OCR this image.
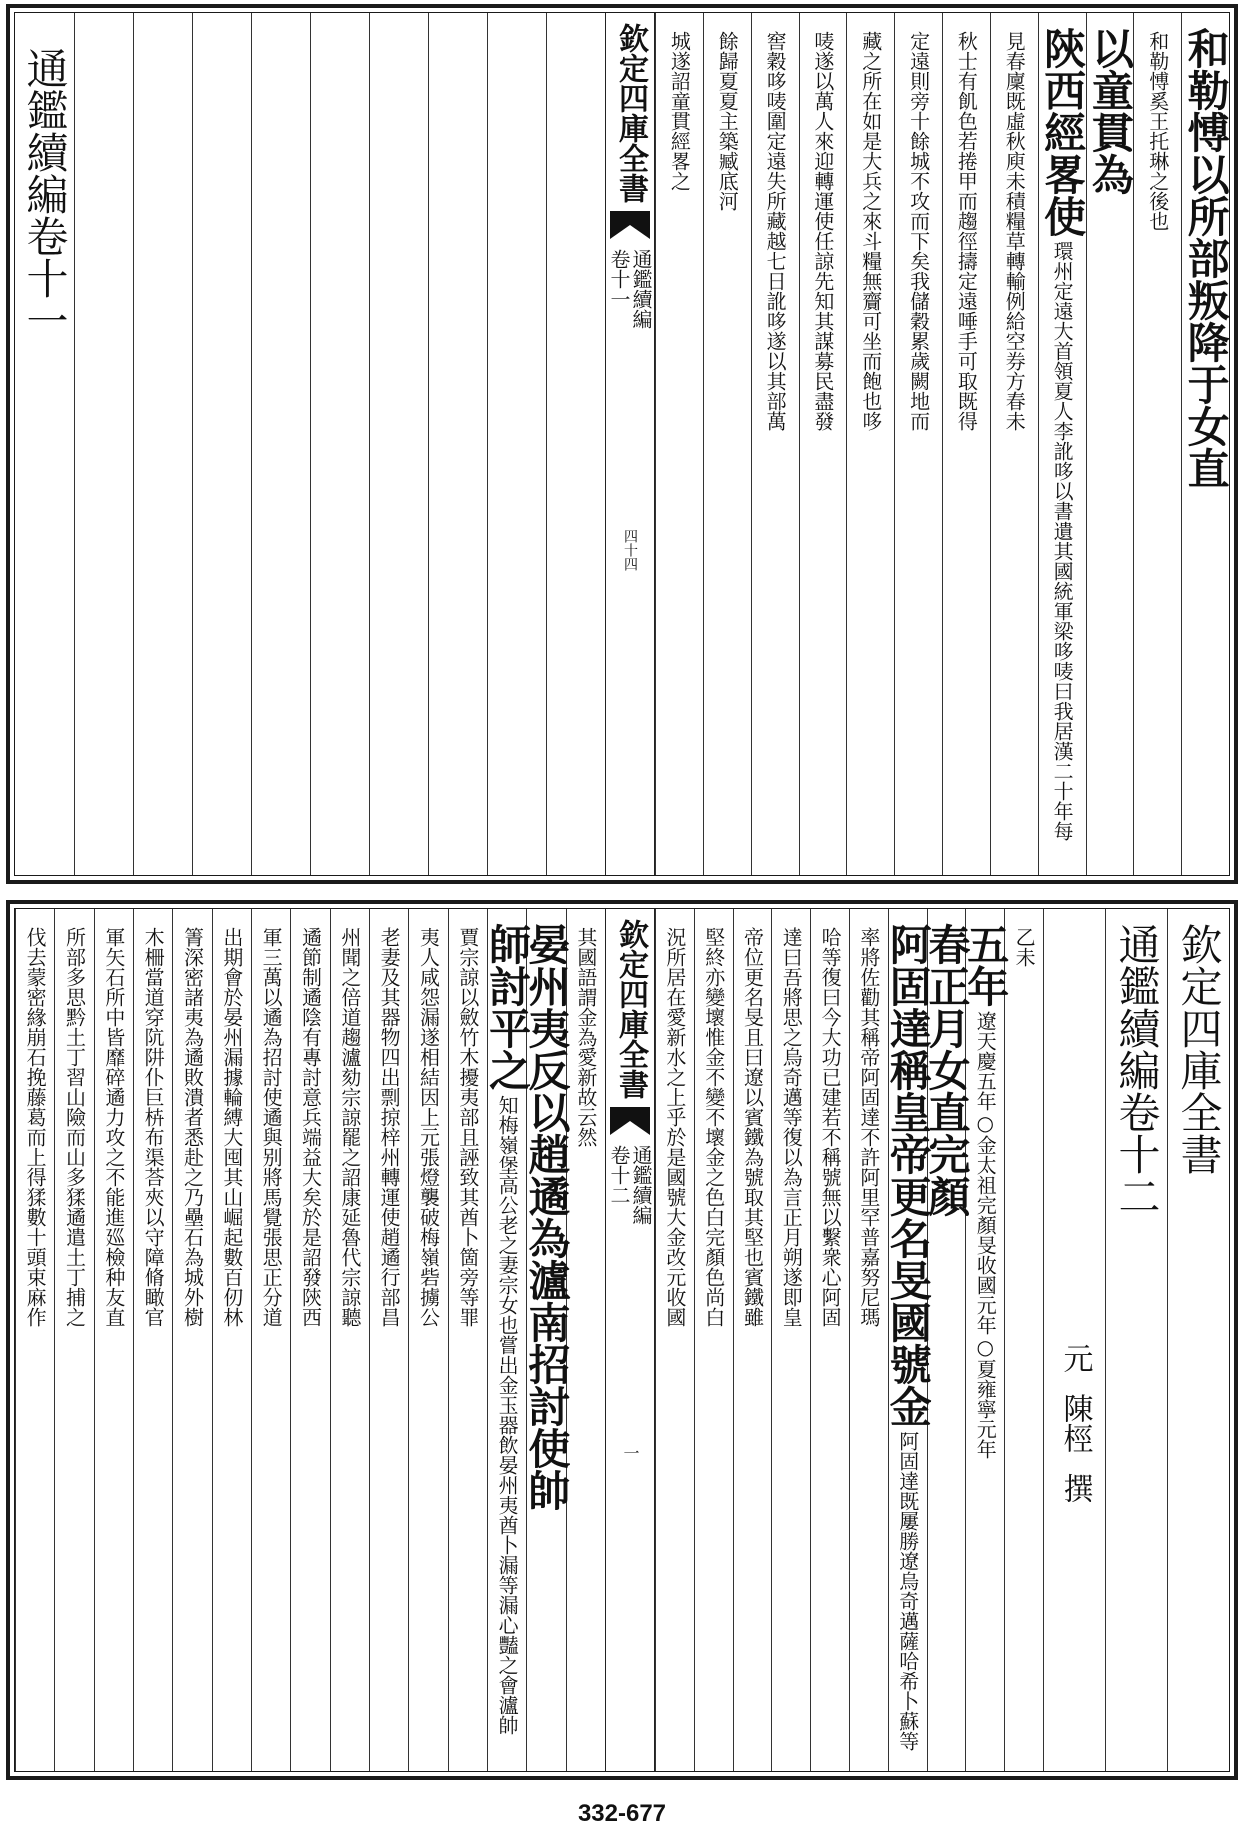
和勒愽以所部叛降于女直
和勒愽奚王托琳之後也
以童貫為
陝西經畧使
環州定遠大首領夏人李訛哆以書遺其國統軍梁哆唛曰我居漢二十年每
見春廩既虛秋庾未積糧草轉輸例給空券方春未
秋士有飢色若捲甲而趨徑擣定遠唾手可取既得
定遠則旁十餘城不攻而下矣我儲穀累歲闕地而
藏之所在如是大兵之來斗糧無齎可坐而飽也哆
唛遂以萬人來迎轉運使任諒先知其謀募民盡發
窖穀哆唛圍定遠失所藏越七日訛哆遂以其部萬
餘歸夏夏主築臧底河
城遂詔童貫經畧之
欽定四庫全書
通鑑續編
卷十一
四十四
通鑑續編卷十一
欽定四庫全書
通鑑續編卷十二
元
陳桱
撰
乙未
五年
遼天慶五年○金太祖完顏旻收國元年○夏雍寧元年
春正月女直完顏
阿固達稱皇帝更名旻國號金
阿固達既屢勝遼烏奇邁薩哈希卜蘇等
率將佐勸其稱帝阿固達不許阿里罕普嘉努尼瑪
哈等復曰今大功已建若不稱號無以繫衆心阿固
達曰吾將思之烏奇邁等復以為言正月朔遂即皇
帝位更名旻且曰遼以賓鐵為號取其堅也賓鐵雖
堅終亦變壞惟金不變不壞金之色白完顏色尚白
況所居在愛新水之上乎於是國號大金改元收國
欽定四庫全書
通鑑續編
卷十二
一
其國語謂金為愛新故云然
晏州夷反以趙遹為瀘南招討使帥
師討平之
知梅嶺堡高公老之妻宗女也嘗出金玉器飲晏州夷酋卜漏等漏心豔之會瀘帥
賈宗諒以斂竹木擾夷部且誣致其酋卜箇旁等罪
夷人咸怨漏遂相結因上元張燈襲破梅嶺砦擄公
老妻及其器物四出剽掠梓州轉運使趙遹行部昌
州聞之倍道趨瀘劾宗諒罷之詔康延魯代宗諒聽
遹節制遹陰有專討意兵端益大矣於是詔發陝西
軍三萬以遹為招討使遹與别將馬覺張思正分道
出期會於晏州漏據輪縛大囤其山崛起數百仞林
箐深密諸夷為遹敗潰者悉赴之乃壘石為城外樹
木柵當道穿阬阱仆巨枿布渠荅夾以守障脩瞰官
軍矢石所中皆靡碎遹力攻之不能進廵檢种友直
所部多思黔土丁習山險而山多猱遹遣土丁捕之
伐去蒙密緣崩石挽藤葛而上得猱數十頭束麻作
332-677
